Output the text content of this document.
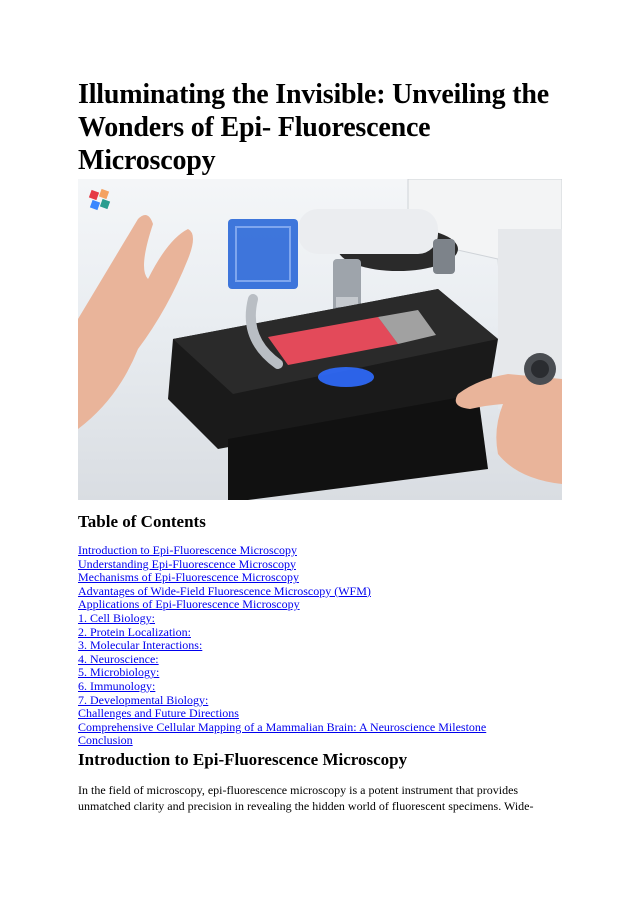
Illuminating the Invisible: Unveiling the Wonders of Epi- Fluorescence Microscopy
Table of Contents
Introduction to Epi-Fluorescence Microscopy
Understanding Epi-Fluorescence Microscopy
Mechanisms of Epi-Fluorescence Microscopy
Advantages of Wide-Field Fluorescence Microscopy (WFM)
Applications of Epi-Fluorescence Microscopy
1. Cell Biology:
2. Protein Localization:
3. Molecular Interactions:
4. Neuroscience:
5. Microbiology:
6. Immunology:
7. Developmental Biology:
Challenges and Future Directions
Comprehensive Cellular Mapping of a Mammalian Brain: A Neuroscience Milestone
Conclusion
Introduction to Epi-Fluorescence Microscopy

In the field of microscopy, epi-fluorescence microscopy is a potent instrument that provides unmatched clarity and precision in revealing the hidden world of fluorescent specimens. Wide-
